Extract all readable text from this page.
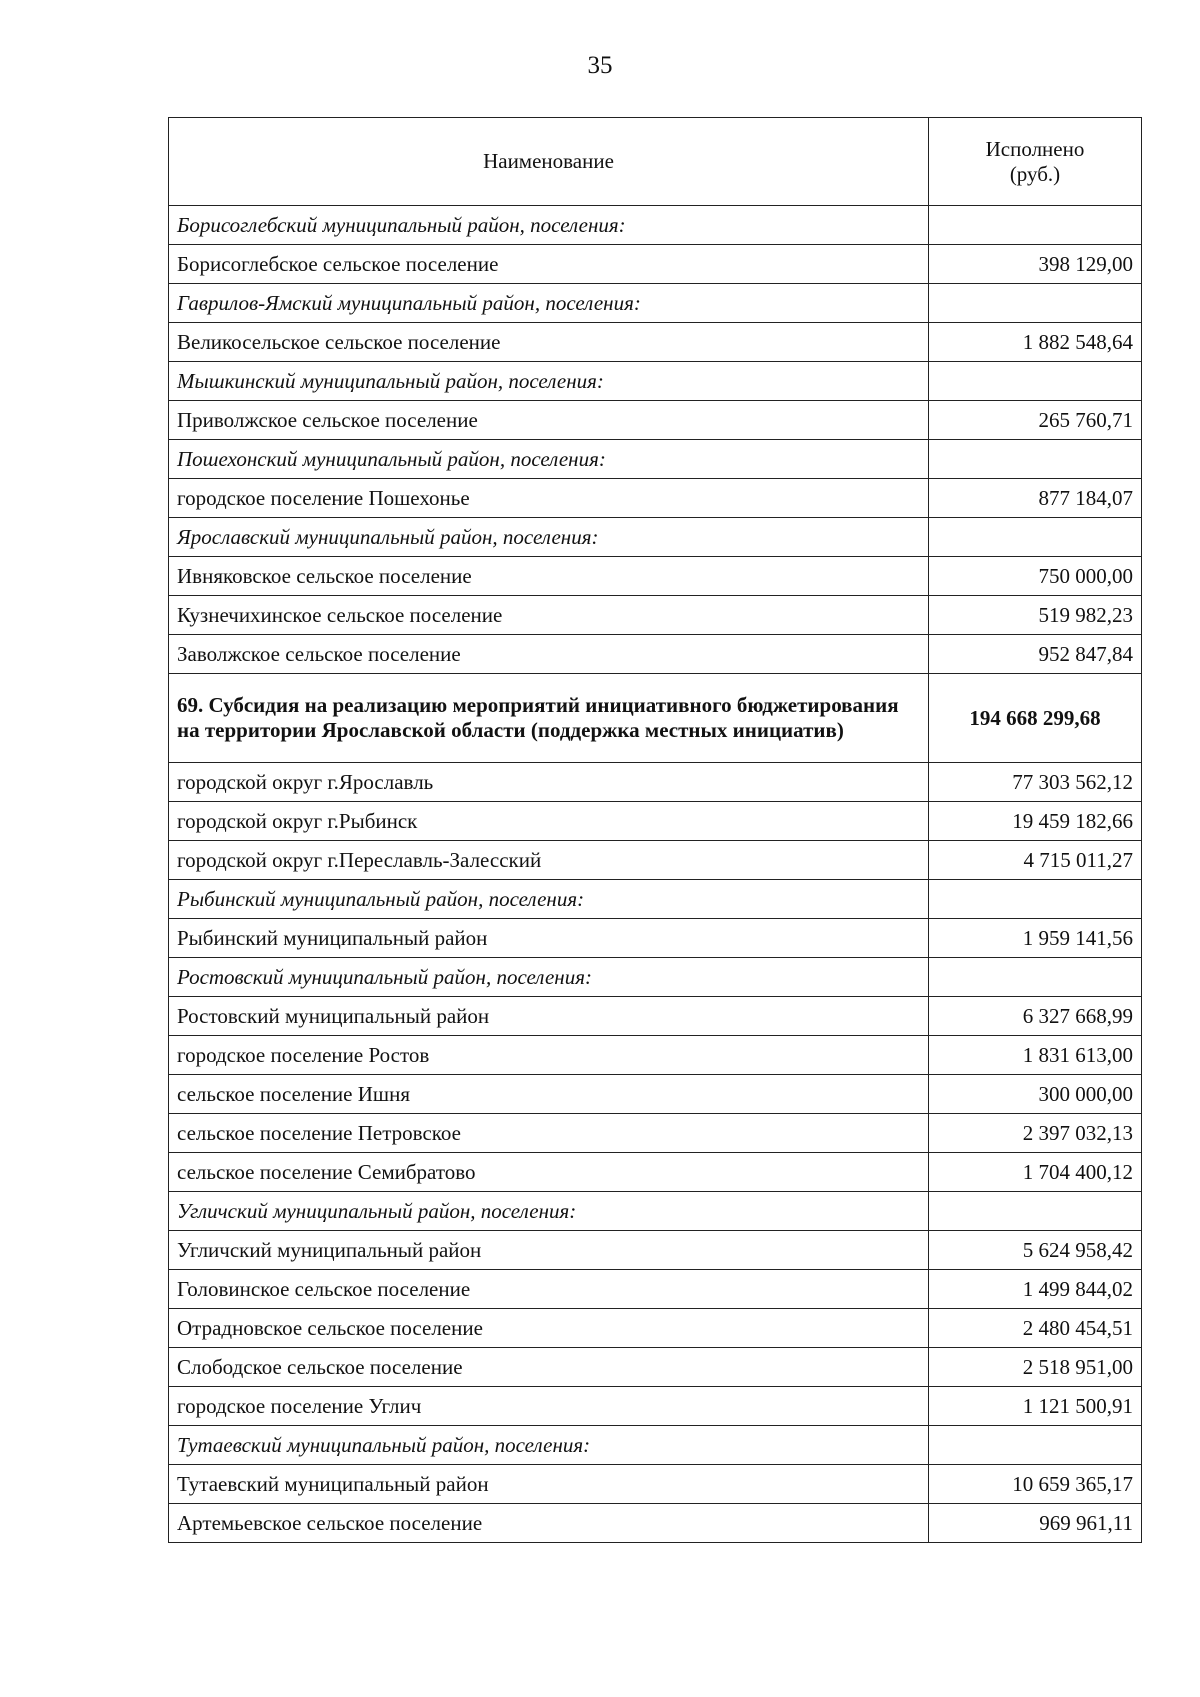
35
Наименование	Исполнено
(руб.)
Борисоглебский муниципальный район, поселения:	
Борисоглебское сельское поселение	398 129,00
Гаврилов-Ямский муниципальный район, поселения:	
Великосельское сельское поселение	1 882 548,64
Мышкинский муниципальный район, поселения:	
Приволжское сельское поселение	265 760,71
Пошехонский муниципальный район, поселения:	
городское поселение Пошехонье	877 184,07
Ярославский муниципальный район, поселения:	
Ивняковское сельское поселение	750 000,00
Кузнечихинское сельское поселение	519 982,23
Заволжское сельское поселение	952 847,84
69. Субсидия на реализацию мероприятий инициативного бюджетирования на территории Ярославской области (поддержка местных инициатив)	194 668 299,68
городской округ г.Ярославль	77 303 562,12
городской округ г.Рыбинск	19 459 182,66
городской округ г.Переславль-Залесский	4 715 011,27
Рыбинский муниципальный район, поселения:	
Рыбинский муниципальный район	1 959 141,56
Ростовский муниципальный район, поселения:	
Ростовский муниципальный район	6 327 668,99
городское поселение Ростов	1 831 613,00
сельское поселение Ишня	300 000,00
сельское поселение Петровское	2 397 032,13
сельское поселение Семибратово	1 704 400,12
Угличский муниципальный район, поселения:	
Угличский муниципальный район	5 624 958,42
Головинское сельское поселение	1 499 844,02
Отрадновское сельское поселение	2 480 454,51
Слободское сельское поселение	2 518 951,00
городское поселение Углич	1 121 500,91
Тутаевский муниципальный район, поселения:	
Тутаевский муниципальный район	10 659 365,17
Артемьевское сельское поселение	969 961,11
